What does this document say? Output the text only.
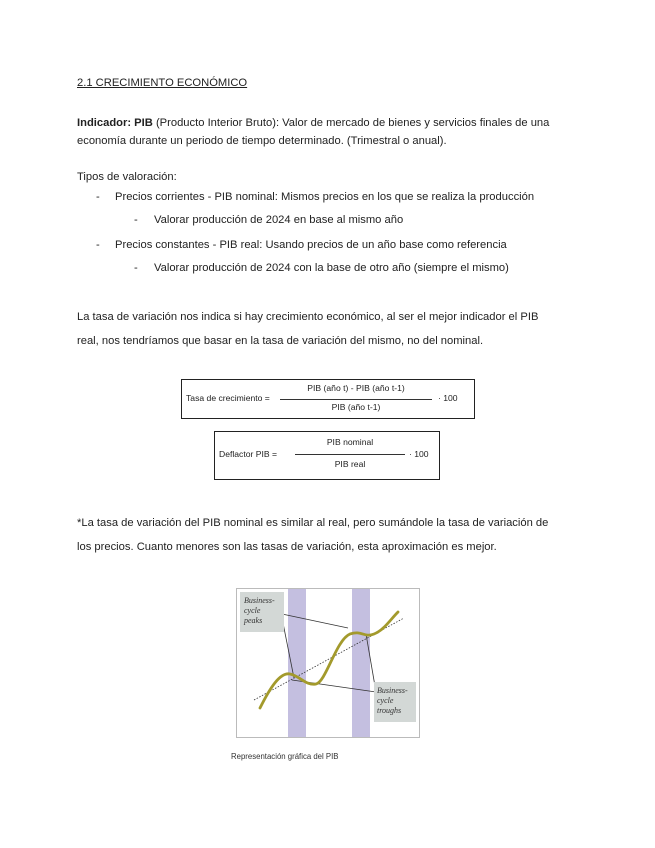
2.1 CRECIMIENTO ECONÓMICO
Indicador: PIB (Producto Interior Bruto): Valor de mercado de bienes y servicios finales de una
economía durante un periodo de tiempo determinado. (Trimestral o anual).
Tipos de valoración:
- Precios corrientes - PIB nominal: Mismos precios en los que se realiza la producción
- Valorar producción de 2024 en base al mismo año
- Precios constantes - PIB real: Usando precios de un año base como referencia
- Valorar producción de 2024 con la base de otro año (siempre el mismo)
La tasa de variación nos indica si hay crecimiento económico, al ser el mejor indicador el PIB
real, nos tendríamos que basar en la tasa de variación del mismo, no del nominal.
Tasa de crecimiento =
PIB (año t) - PIB (año t-1)
PIB (año t-1)
· 100
Deflactor PIB =
PIB nominal
PIB real
· 100
*La tasa de variación del PIB nominal es similar al real, pero sumándole la tasa de variación de
los precios. Cuanto menores son las tasas de variación, esta aproximación es mejor.
Business-
cycle
peaks
Business-
cycle
troughs
Representación gráfica del PIB
